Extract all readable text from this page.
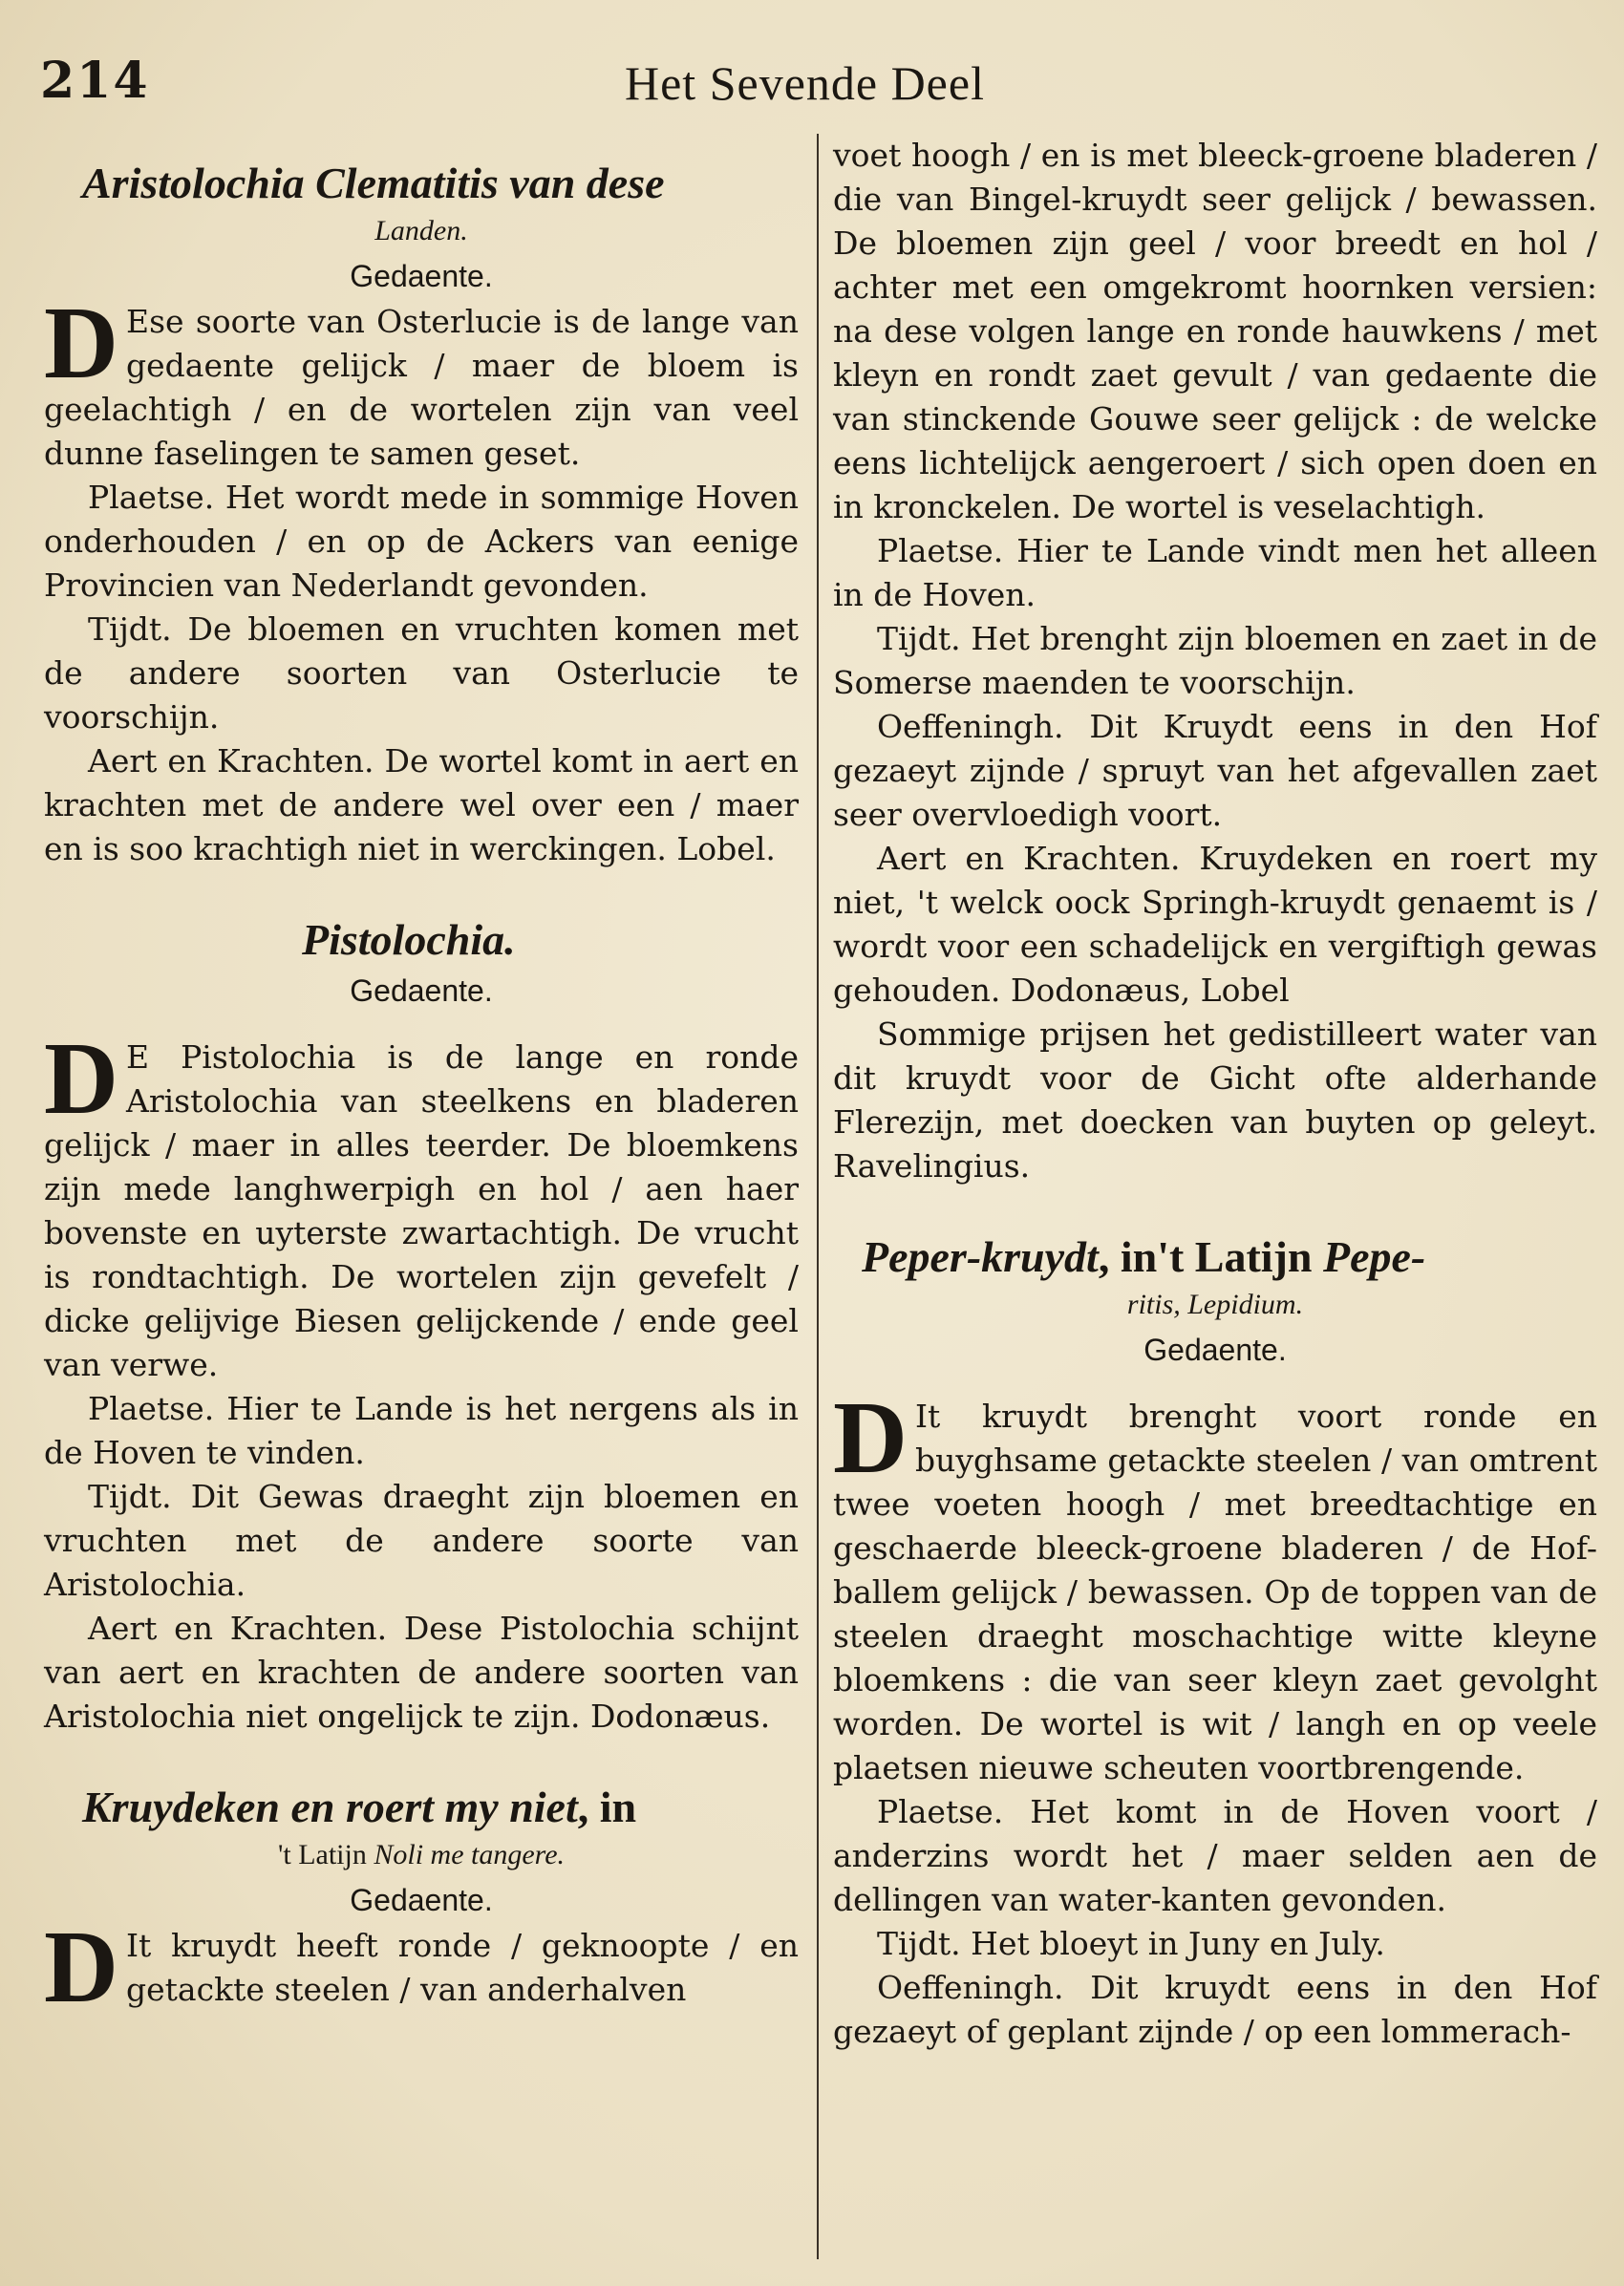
214	Het Sevende Deel
Aristolochia Clematitis van dese
Landen.
Gedaente.

D Ese soorte van Osterlucie is de lange van gedaente gelijck / maer de bloem is geelachtigh / en de wortelen zijn van veel dunne faselingen te samen geset.

Plaetse. Het wordt mede in sommige Hoven onderhouden / en op de Ackers van eenige Provincien van Nederlandt gevonden.

Tijdt. De bloemen en vruchten komen met de andere soorten van Osterlucie te voorschijn.

Aert en Krachten. De wortel komt in aert en krachten met de andere wel over een / maer en is soo krachtigh niet in werckingen. Lobel.

Pistolochia.
Gedaente.

D E Pistolochia is de lange en ronde Aristolochia van steelkens en bladeren gelijck / maer in alles teerder. De bloemkens zijn mede langhwerpigh en hol / aen haer bovenste en uyterste zwartachtigh. De vrucht is rondtachtigh. De wortelen zijn gevefelt / dicke gelijvige Biesen gelijckende / ende geel van verwe.

Plaetse. Hier te Lande is het nergens als in de Hoven te vinden.

Tijdt. Dit Gewas draeght zijn bloemen en vruchten met de andere soorte van Aristolochia.

Aert en Krachten. Dese Pistolochia schijnt van aert en krachten de andere soorten van Aristolochia niet ongelijck te zijn. Dodonæus.

Kruydeken en roert my niet, in
't Latijn Noli me tangere.
Gedaente.

D It kruydt heeft ronde / geknoopte / en getackte steelen / van anderhalven

voet hoogh / en is met bleeck-groene bladeren / die van Bingel-kruydt seer gelijck / bewassen. De bloemen zijn geel / voor breedt en hol / achter met een omgekromt hoornken versien: na dese volgen lange en ronde hauwkens / met kleyn en rondt zaet gevult / van gedaente die van stinckende Gouwe seer gelijck : de welcke eens lichtelijck aengeroert / sich open doen en in kronckelen. De wortel is veselachtigh.

Plaetse. Hier te Lande vindt men het alleen in de Hoven.

Tijdt. Het brenght zijn bloemen en zaet in de Somerse maenden te voorschijn.

Oeffeningh. Dit Kruydt eens in den Hof gezaeyt zijnde / spruyt van het afgevallen zaet seer overvloedigh voort.

Aert en Krachten. Kruydeken en roert my niet, 't welck oock Springh-kruydt genaemt is / wordt voor een schadelijck en vergiftigh gewas gehouden. Dodonæus, Lobel

Sommige prijsen het gedistilleert water van dit kruydt voor de Gicht ofte alderhande Flerezijn, met doecken van buyten op geleyt. Ravelingius.

Peper-kruydt, in't Latijn Pepe-
ritis, Lepidium.
Gedaente.

D It kruydt brenght voort ronde en buyghsame getackte steelen / van omtrent twee voeten hoogh / met breedtachtige en geschaerde bleeck-groene bladeren / de Hof-ballem gelijck / bewassen. Op de toppen van de steelen draeght moschachtige witte kleyne bloemkens : die van seer kleyn zaet gevolght worden. De wortel is wit / langh en op veele plaetsen nieuwe scheuten voortbrengende.

Plaetse. Het komt in de Hoven voort / anderzins wordt het / maer selden aen de dellingen van water-kanten gevonden.

Tijdt. Het bloeyt in Juny en July.

Oeffeningh. Dit kruydt eens in den Hof gezaeyt of geplant zijnde / op een lommerach-
